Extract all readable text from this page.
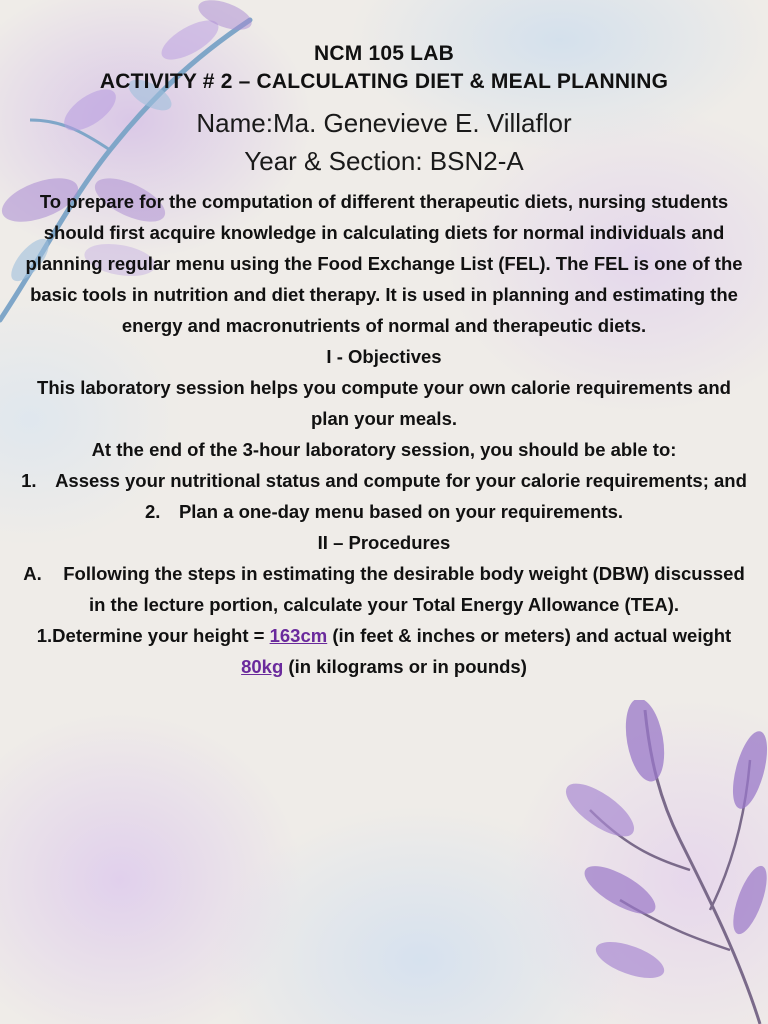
NCM 105 LAB
ACTIVITY # 2 – CALCULATING DIET & MEAL PLANNING
Name:Ma. Genevieve E. Villaflor
Year & Section: BSN2-A

To prepare for the computation of different therapeutic diets, nursing students should first acquire knowledge in calculating diets for normal individuals and planning regular menu using the Food Exchange List (FEL). The FEL is one of the basic tools in nutrition and diet therapy. It is used in planning and estimating the energy and macronutrients of normal and therapeutic diets.

I - Objectives

This laboratory session helps you compute your own calorie requirements and plan your meals.

At the end of the 3-hour laboratory session, you should be able to:

1. Assess your nutritional status and compute for your calorie requirements; and
2. Plan a one-day menu based on your requirements.
II – Procedures

A. Following the steps in estimating the desirable body weight (DBW) discussed in the lecture portion, calculate your Total Energy Allowance (TEA).

1.Determine your height = 163cm (in feet & inches or meters) and actual weight 80kg (in kilograms or in pounds)
